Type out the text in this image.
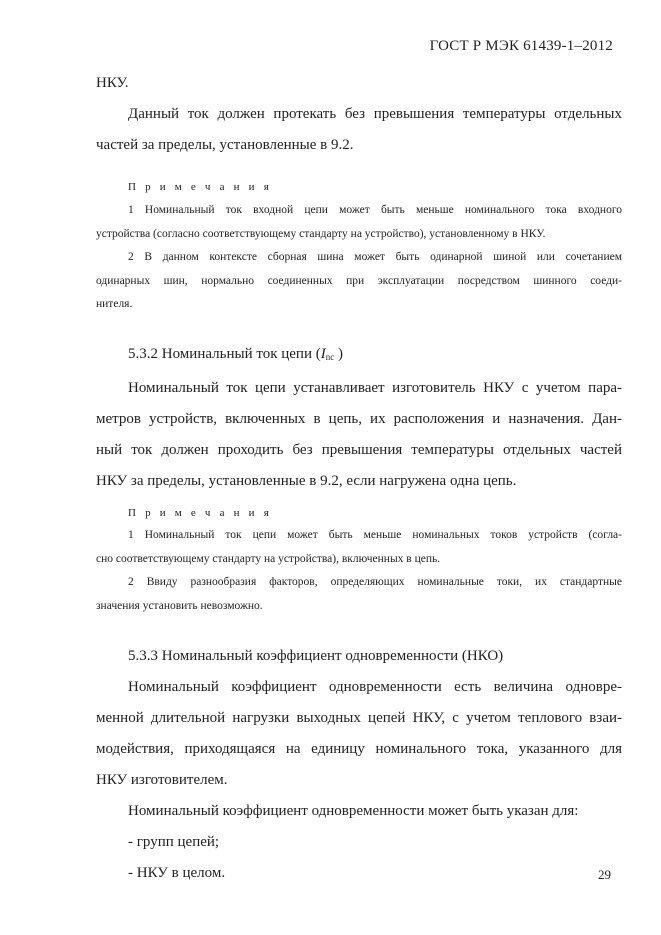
ГОСТ Р МЭК 61439-1–2012
НКУ.
Данный ток должен протекать без превышения температуры отдельных
частей за пределы, установленные в 9.2.
П р и м е ч а н и я
1 Номинальный ток входной цепи может быть меньше номинального тока входного
устройства (согласно соответствующему стандарту на устройство), установленному в НКУ.
2 В данном контексте сборная шина может быть одинарной шиной или сочетанием
одинарных шин, нормально соединенных при эксплуатации посредством шинного соеди-
нителя.
5.3.2 Номинальный ток цепи ($I_{nc}$ )
Номинальный ток цепи устанавливает изготовитель НКУ с учетом пара-
метров устройств, включенных в цепь, их расположения и назначения. Дан-
ный ток должен проходить без превышения температуры отдельных частей
НКУ за пределы, установленные в 9.2, если нагружена одна цепь.
П р и м е ч а н и я
1 Номинальный ток цепи может быть меньше номинальных токов устройств (согла-
сно соответствующему стандарту на устройства), включенных в цепь.
2 Ввиду разнообразия факторов, определяющих номинальные токи, их стандартные
значения установить невозможно.
5.3.3 Номинальный коэффициент одновременности (НКО)
Номинальный коэффициент одновременности есть величина одновре-
менной длительной нагрузки выходных цепей НКУ, с учетом теплового взаи-
модействия, приходящаяся на единицу номинального тока, указанного для
НКУ изготовителем.
Номинальный коэффициент одновременности может быть указан для:
- групп цепей;
- НКУ в целом.	29
